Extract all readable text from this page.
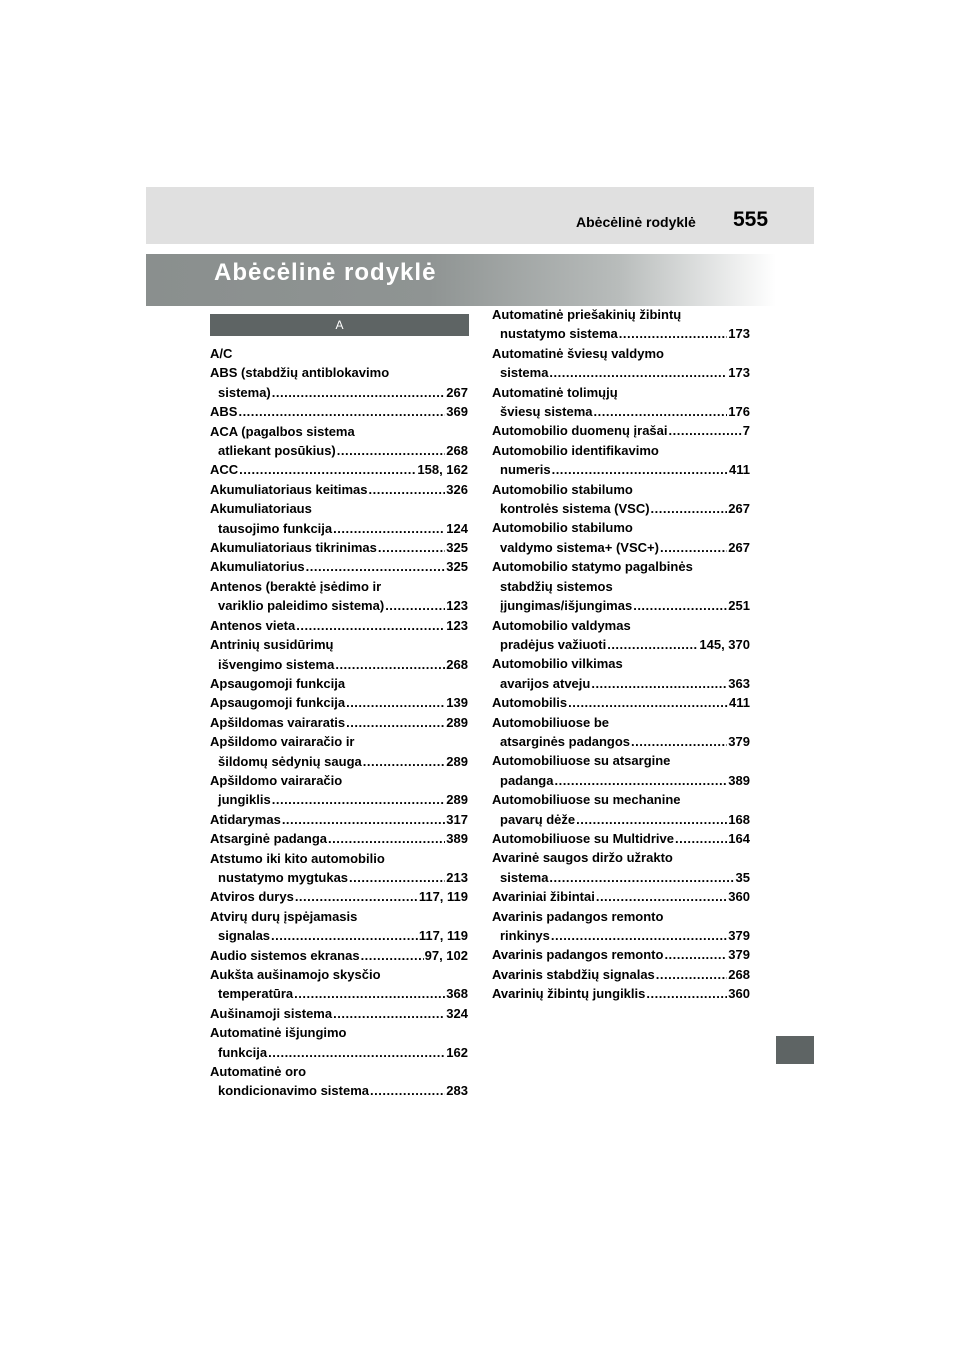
Abėcėlinė rodyklė 555
Abėcėlinė rodyklė
A
A/C
ABS (stabdžių antiblokavimo
sistema) .....	267
ABS .....	369
ACA (pagalbos sistema
atliekant posūkius) .....	268
ACC .....	158, 162
Akumuliatoriaus keitimas .....	326
Akumuliatoriaus
tausojimo funkcija .....	124
Akumuliatoriaus tikrinimas .....	325
Akumuliatorius .....	325
Antenos (beraktė įsėdimo ir
variklio paleidimo sistema) .....	123
Antenos vieta .....	123
Antrinių susidūrimų
išvengimo sistema .....	268
Apsaugomoji funkcija
Apsaugomoji funkcija .....	139
Apšildomas vairaratis .....	289
Apšildomo vairaračio ir
šildomų sėdynių sauga .....	289
Apšildomo vairaračio
jungiklis .....	289
Atidarymas .....	317
Atsarginė padanga .....	389
Atstumo iki kito automobilio
nustatymo mygtukas .....	213
Atviros durys .....	117, 119
Atvirų durų įspėjamasis
signalas .....	117, 119
Audio sistemos ekranas .....	97, 102
Aukšta aušinamojo skysčio
temperatūra .....	368
Aušinamoji sistema .....	324
Automatinė išjungimo
funkcija .....	162
Automatinė oro
kondicionavimo sistema .....	283
Automatinė priešakinių žibintų
nustatymo sistema .....	173
Automatinė šviesų valdymo
sistema .....	173
Automatinė tolimųjų
šviesų sistema .....	176
Automobilio duomenų įrašai .....	7
Automobilio identifikavimo
numeris .....	411
Automobilio stabilumo
kontrolės sistema (VSC) .....	267
Automobilio stabilumo
valdymo sistema+ (VSC+) .....	267
Automobilio statymo pagalbinės
stabdžių sistemos
įjungimas/išjungimas .....	251
Automobilio valdymas
pradėjus važiuoti .....	145, 370
Automobilio vilkimas
avarijos atveju .....	363
Automobilis .....	411
Automobiliuose be
atsarginės padangos .....	379
Automobiliuose su atsargine
padanga .....	389
Automobiliuose su mechanine
pavarų dėže .....	168
Automobiliuose su Multidrive .....	164
Avarinė saugos diržo užrakto
sistema .....	35
Avariniai žibintai .....	360
Avarinis padangos remonto
rinkinys .....	379
Avarinis padangos remonto .....	379
Avarinis stabdžių signalas .....	268
Avarinių žibintų jungiklis .....	360
